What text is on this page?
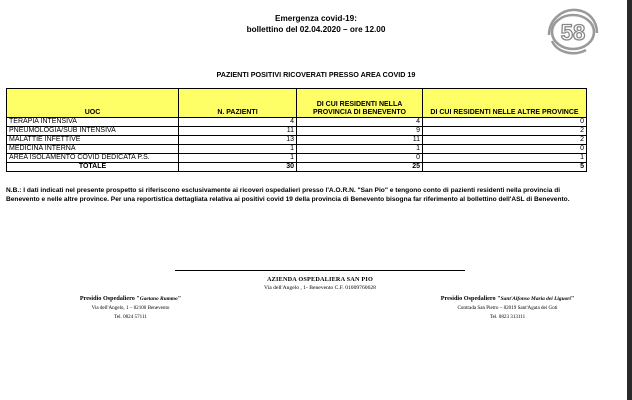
Emergenza covid-19:
bollettino del 02.04.2020 – ore 12.00	58
PAZIENTI POSITIVI RICOVERATI PRESSO AREA COVID 19
UOC	N. PAZIENTI	DI CUI RESIDENTI NELLA PROVINCIA DI BENEVENTO	DI CUI RESIDENTI NELLE ALTRE PROVINCE
TERAPIA INTENSIVA	4	4	0
PNEUMOLOGIA/SUB INTENSIVA	11	9	2
MALATTIE INFETTIVE	13	11	2
MEDICINA INTERNA	1	1	0
AREA ISOLAMENTO COVID DEDICATA P.S.	1	0	1
TOTALE	30	25	5
N.B.: I dati indicati nel presente prospetto si riferiscono esclusivamente ai ricoveri ospedalieri presso l'A.O.R.N. "San Pio" e tengono conto di pazienti residenti nella provincia di Benevento e nelle altre province. Per una reportistica dettagliata relativa ai positivi covid 19 della provincia di Benevento bisogna far riferimento al bollettino dell'ASL di Benevento.
AZIENDA OSPEDALIERA SAN PIO
Via dell'Angelo , 1- Benevento C.F. 01009760628
Presidio Ospedaliero "Gaetano Rummo"
Via dell'Angelo, 1 – 82100 Benevento
Tel. 0824 57111
Presidio Ospedaliero "Sant'Alfonso Maria dei Liguori"
Contrada San Pietro – 82019 Sant'Agata dei Goti
Tel. 0823 313111
